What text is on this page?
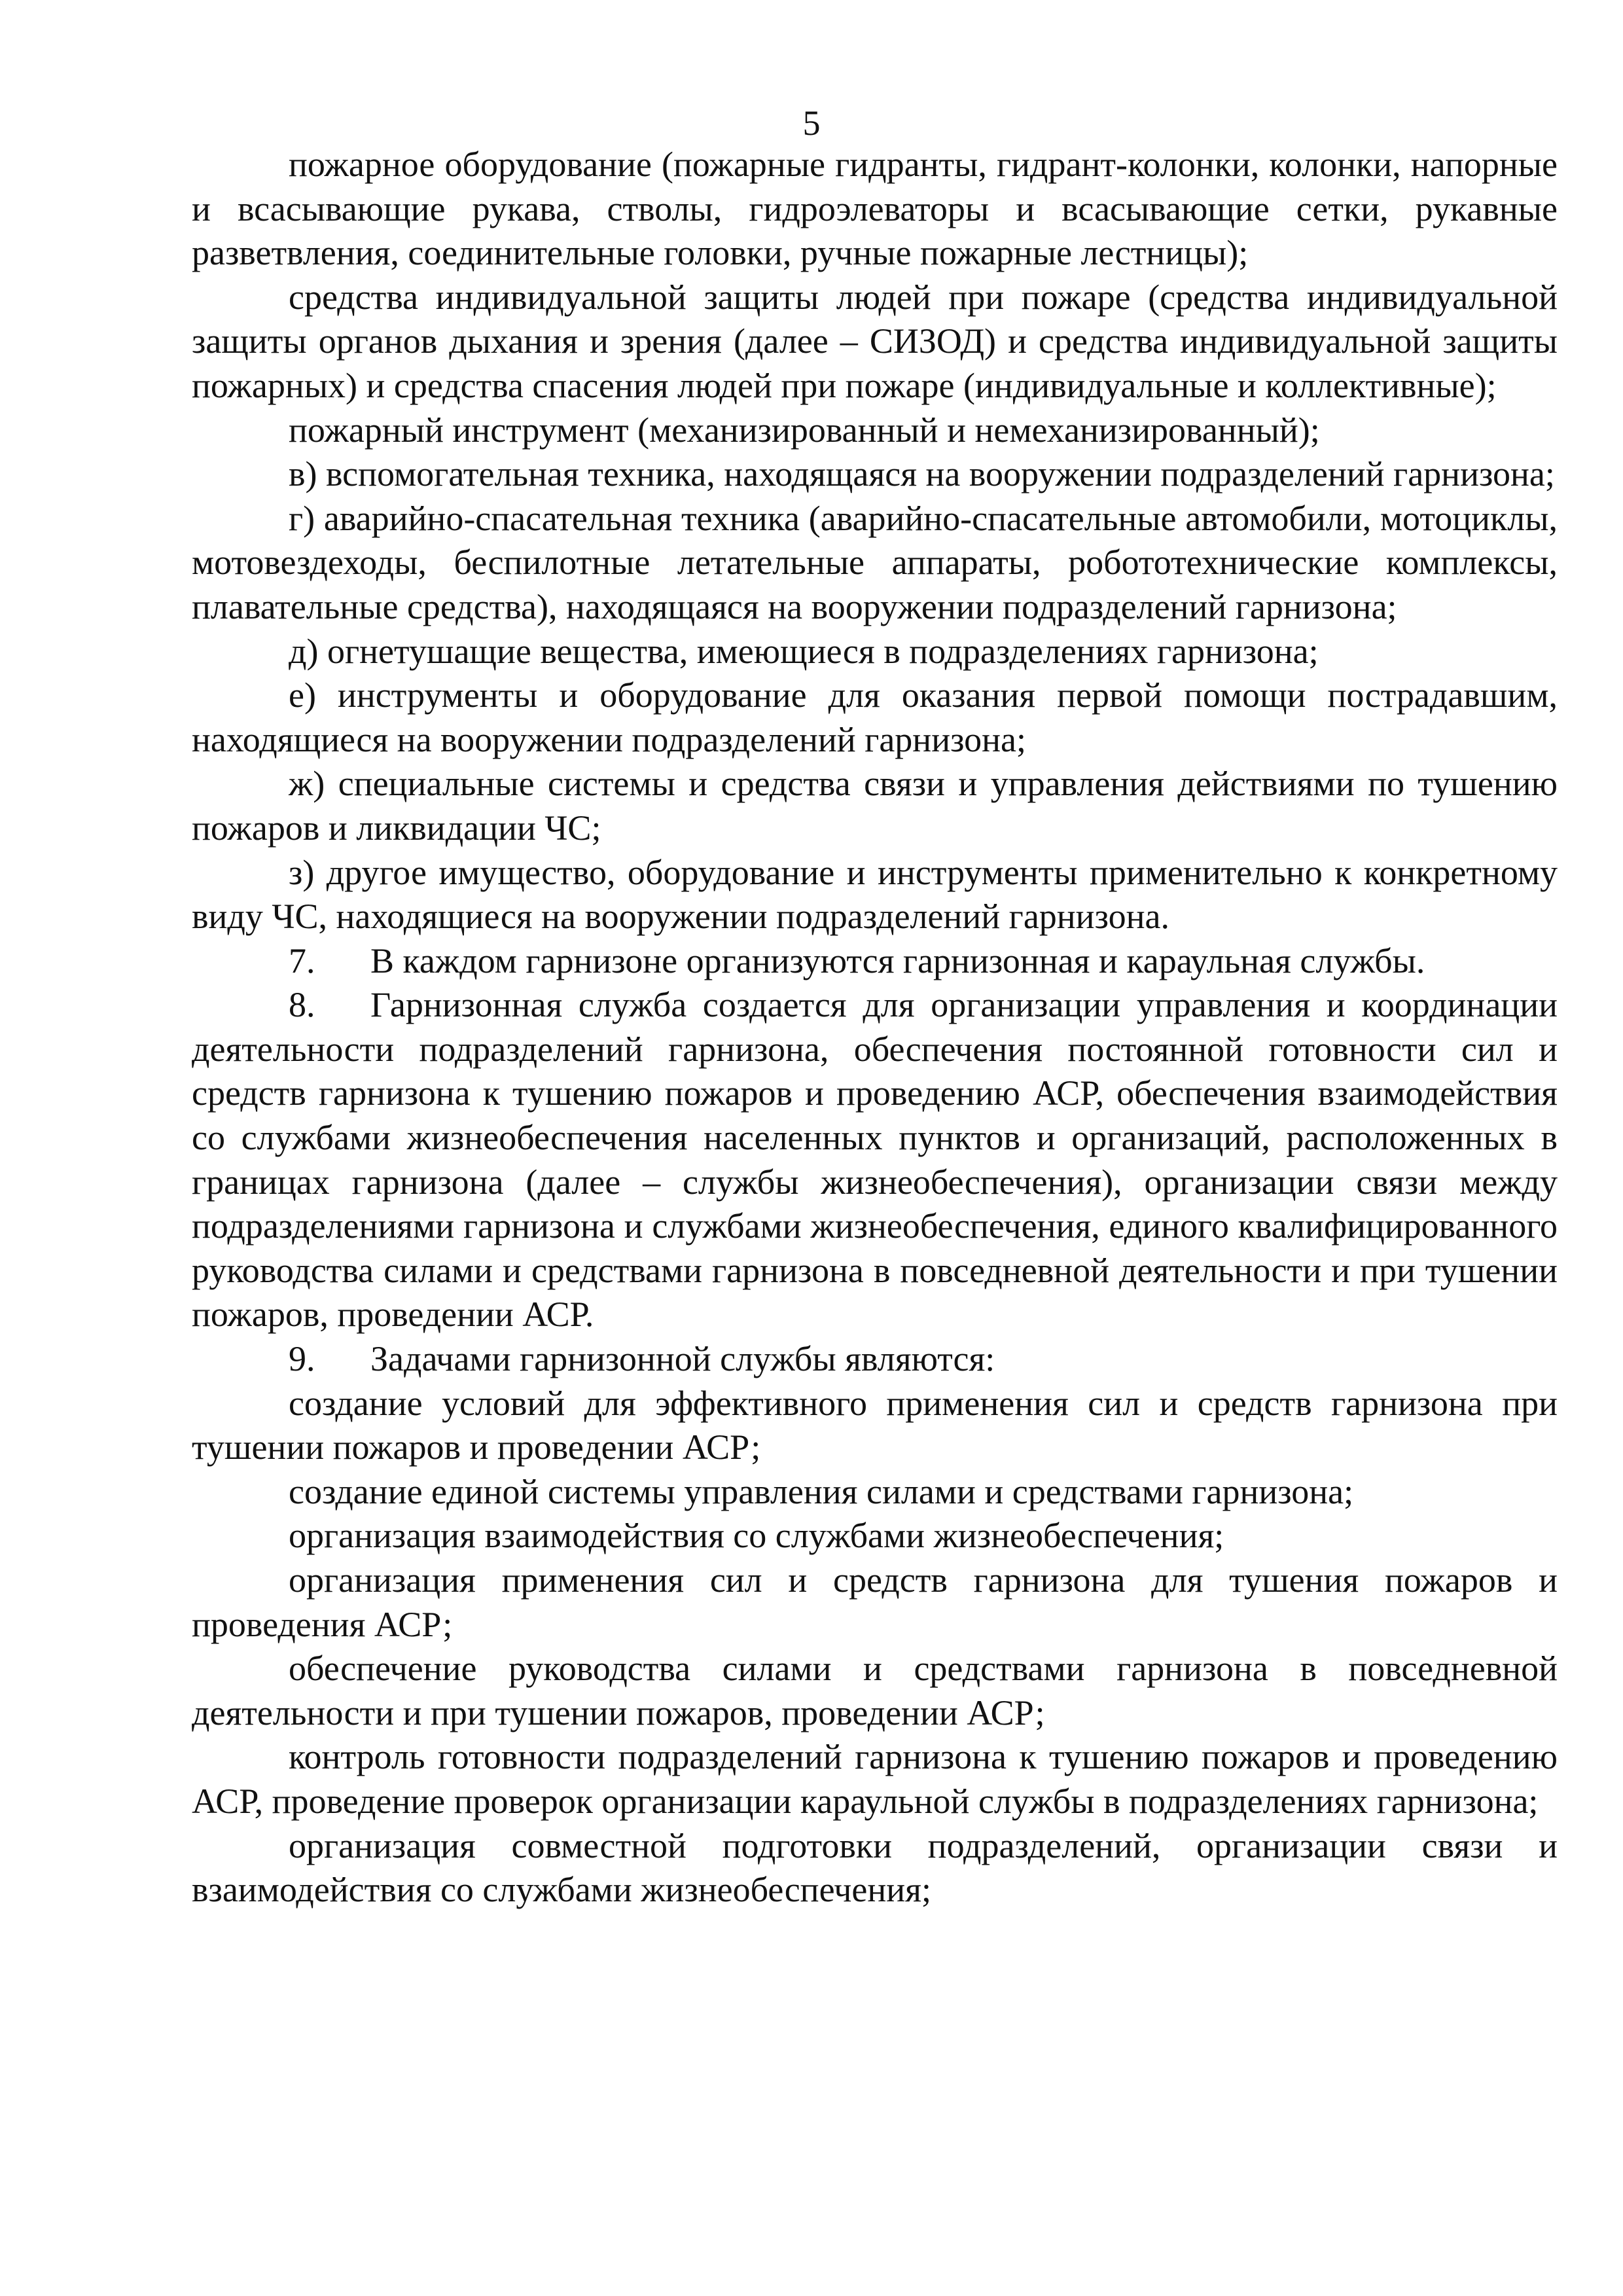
5

пожарное оборудование (пожарные гидранты, гидрант-колонки, колонки, напорные и всасывающие рукава, стволы, гидроэлеваторы и всасывающие сетки, рукавные разветвления, соединительные головки, ручные пожарные лестницы);

средства индивидуальной защиты людей при пожаре (средства индивидуальной защиты органов дыхания и зрения (далее – СИЗОД) и средства индивидуальной защиты пожарных) и средства спасения людей при пожаре (индивидуальные и коллективные);

пожарный инструмент (механизированный и немеханизированный);

в) вспомогательная техника, находящаяся на вооружении подразделений гарнизона;

г) аварийно-спасательная техника (аварийно-спасательные автомобили, мотоциклы, мотовездеходы, беспилотные летательные аппараты, робототехнические комплексы, плавательные средства), находящаяся на вооружении подразделений гарнизона;

д) огнетушащие вещества, имеющиеся в подразделениях гарнизона;

е) инструменты и оборудование для оказания первой помощи пострадавшим, находящиеся на вооружении подразделений гарнизона;

ж) специальные системы и средства связи и управления действиями по тушению пожаров и ликвидации ЧС;

з) другое имущество, оборудование и инструменты применительно к конкретному виду ЧС, находящиеся на вооружении подразделений гарнизона.

7. В каждом гарнизоне организуются гарнизонная и караульная службы.

8. Гарнизонная служба создается для организации управления и координации деятельности подразделений гарнизона, обеспечения постоянной готовности сил и средств гарнизона к тушению пожаров и проведению АСР, обеспечения взаимодействия со службами жизнеобеспечения населенных пунктов и организаций, расположенных в границах гарнизона (далее – службы жизнеобеспечения), организации связи между подразделениями гарнизона и службами жизнеобеспечения, единого квалифицированного руководства силами и средствами гарнизона в повседневной деятельности и при тушении пожаров, проведении АСР.

9. Задачами гарнизонной службы являются:

создание условий для эффективного применения сил и средств гарнизона при тушении пожаров и проведении АСР;

создание единой системы управления силами и средствами гарнизона;

организация взаимодействия со службами жизнеобеспечения;

организация применения сил и средств гарнизона для тушения пожаров и проведения АСР;

обеспечение руководства силами и средствами гарнизона в повседневной деятельности и при тушении пожаров, проведении АСР;

контроль готовности подразделений гарнизона к тушению пожаров и проведению АСР, проведение проверок организации караульной службы в подразделениях гарнизона;

организация совместной подготовки подразделений, организации связи и взаимодействия со службами жизнеобеспечения;
